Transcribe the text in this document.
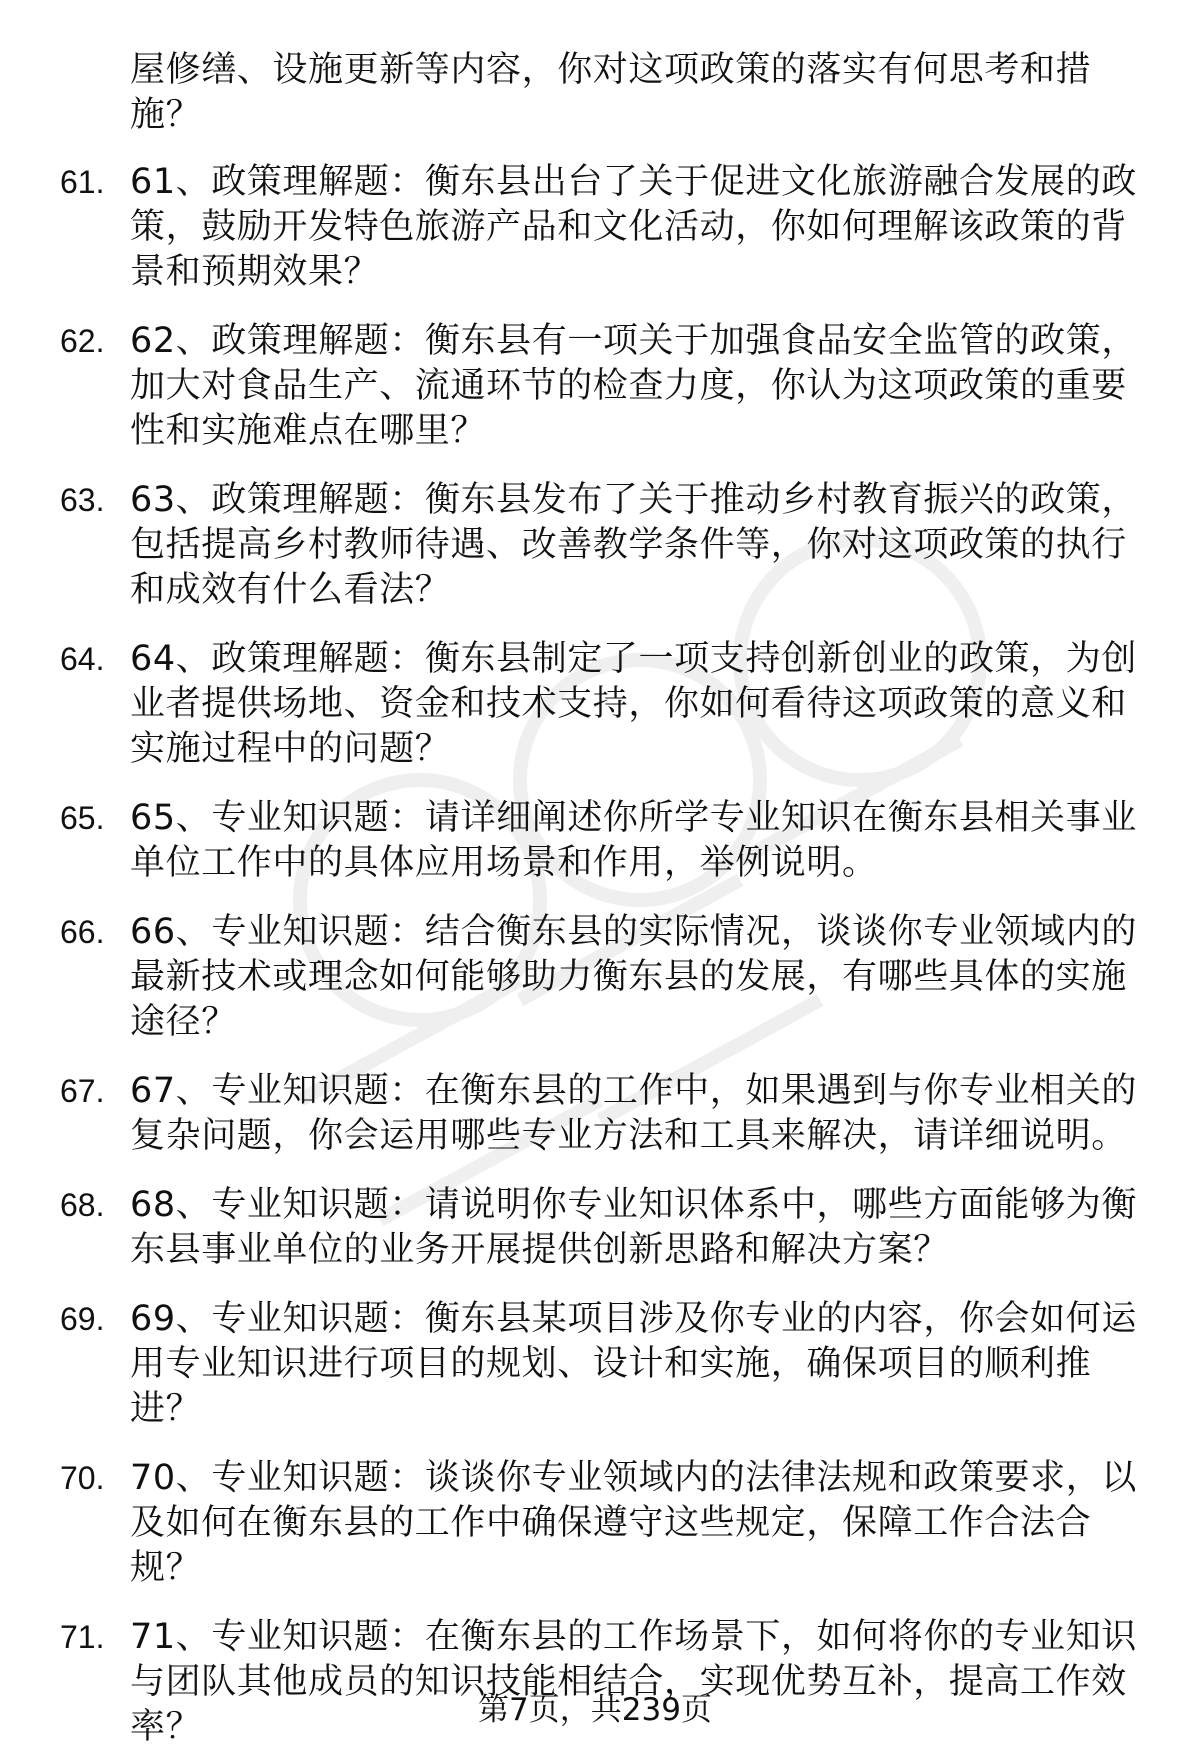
屋修缮、设施更新等内容，你对这项政策的落实有何思考和措施？
61. 61、政策理解题：衡东县出台了关于促进文化旅游融合发展的政策，鼓励开发特色旅游产品和文化活动，你如何理解该政策的背景和预期效果？
62. 62、政策理解题：衡东县有一项关于加强食品安全监管的政策，加大对食品生产、流通环节的检查力度，你认为这项政策的重要性和实施难点在哪里？
63. 63、政策理解题：衡东县发布了关于推动乡村教育振兴的政策，包括提高乡村教师待遇、改善教学条件等，你对这项政策的执行和成效有什么看法？
64. 64、政策理解题：衡东县制定了一项支持创新创业的政策，为创业者提供场地、资金和技术支持，你如何看待这项政策的意义和实施过程中的问题？
65. 65、专业知识题：请详细阐述你所学专业知识在衡东县相关事业单位工作中的具体应用场景和作用，举例说明。
66. 66、专业知识题：结合衡东县的实际情况，谈谈你专业领域内的最新技术或理念如何能够助力衡东县的发展，有哪些具体的实施途径？
67. 67、专业知识题：在衡东县的工作中，如果遇到与你专业相关的复杂问题，你会运用哪些专业方法和工具来解决，请详细说明。
68. 68、专业知识题：请说明你专业知识体系中，哪些方面能够为衡东县事业单位的业务开展提供创新思路和解决方案？
69. 69、专业知识题：衡东县某项目涉及你专业的内容，你会如何运用专业知识进行项目的规划、设计和实施，确保项目的顺利推进？
70. 70、专业知识题：谈谈你专业领域内的法律法规和政策要求，以及如何在衡东县的工作中确保遵守这些规定，保障工作合法合规？
71. 71、专业知识题：在衡东县的工作场景下，如何将你的专业知识与团队其他成员的知识技能相结合，实现优势互补，提高工作效率？	第7页，共239页
